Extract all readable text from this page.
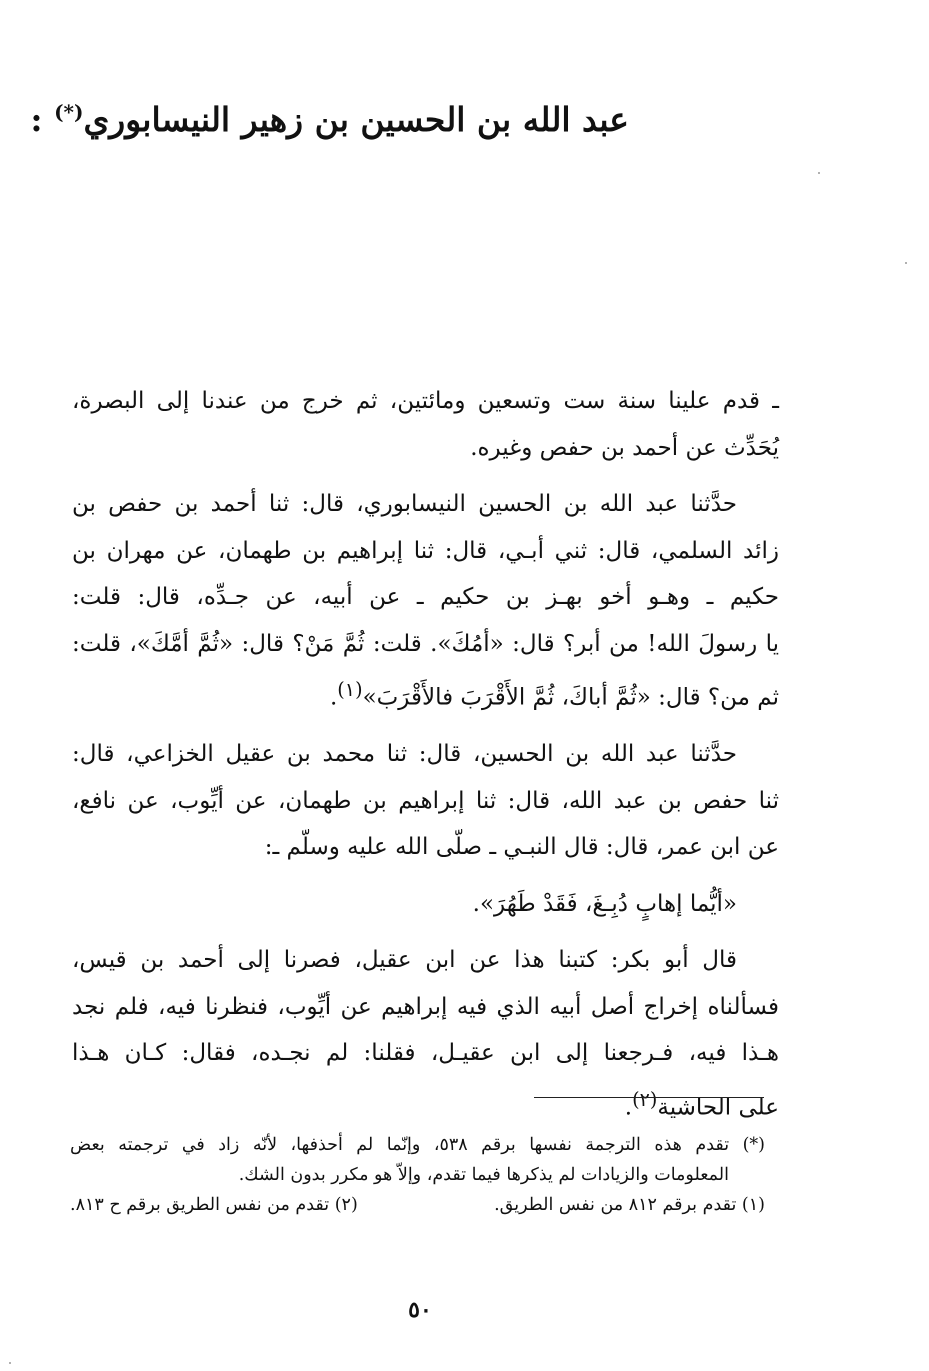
عبد الله بن الحسين بن زهير النيسابوري(*) :

ـ قدم علينا سنة ست وتسعين ومائتين، ثم خرج من عندنا إلى البصرة،
يُحَدِّث عن أحمد بن حفص وغيره.

حدَّثنا عبد الله بن الحسين النيسابوري، قال: ثنا أحمد بن حفص بن
زائد السلمي، قال: ثني أبـي، قال: ثنا إبراهيم بن طهمان، عن مهران بن
حكيم ـ وهـو أخو بهـز بن حكيم ـ عن أبيه، عن جـدِّه، قال: قلت:
يا رسولَ الله! من أبر؟ قال: «أمُكَ». قلت: ثُمَّ مَنْ؟ قال: «ثُمَّ أمَّكَ»، قلت:
ثم من؟ قال: «ثُمَّ أباكَ، ثُمَّ الأَقْرَبَ فالأَقْرَبَ»$^{(١)}$.

حدَّثنا عبد الله بن الحسين، قال: ثنا محمد بن عقيل الخزاعي، قال:
ثنا حفص بن عبد الله، قال: ثنا إبراهيم بن طهمان، عن أيِّوب، عن نافع،
عن ابن عمر، قال: قال النبـي ـ صلّى الله عليه وسلّم ـ:

«أيُّما إهابٍ دُبِـغَ، فَقَدْ طَهُرَ».

قال أبو بكر: كتبنا هذا عن ابن عقيل، فصرنا إلى أحمد بن قيس،
فسألناه إخراج أصل أبيه الذي فيه إبراهيم عن أيِّوب، فنظرنا فيه، فلم نجد
هـذا فيه، فـرجعنا إلى ابن عقيـل، فقلنا: لم نجـده، فقال: كـان هـذا
على الحاشية$^{(٢)}$.

(*) تقدم هذه الترجمة نفسها برقم ٥٣٨، وإنّما لم أحذفها، لأنّه زاد في ترجمته بعض
المعلومات والزيادات لم يذكرها فيما تقدم، وإلاّ هو مكرر بدون الشك.
(١) تقدم برقم ٨١٢ من نفس الطريق.
(٢) تقدم من نفس الطريق برقم ح ٨١٣.
٥٠
